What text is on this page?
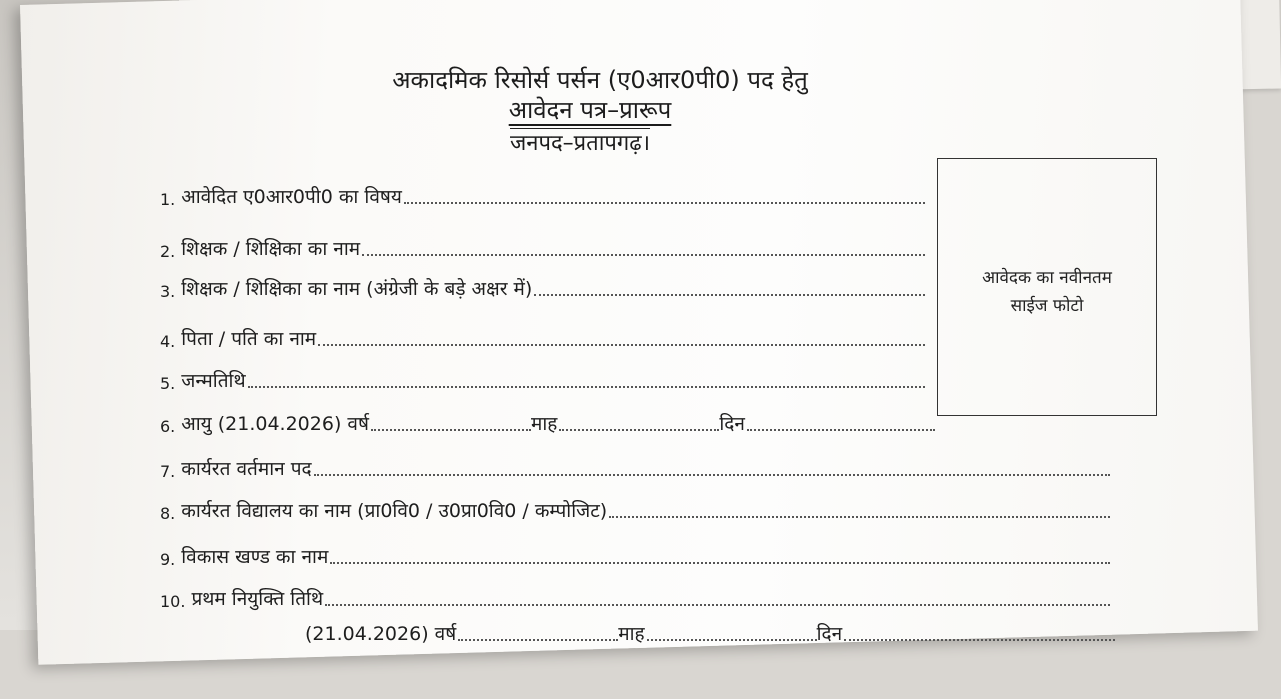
अकादमिक रिसोर्स पर्सन (ए0आर0पी0) पद हेतु
आवेदन पत्र–प्रारूप
जनपद–प्रतापगढ़।
आवेदक का नवीनतम
साईज फोटो
1. आवेदित ए0आर0पी0 का विषय
2. शिक्षक / शिक्षिका का नाम
3. शिक्षक / शिक्षिका का नाम (अंग्रेजी के बड़े अक्षर में)
4. पिता / पति का नाम
5. जन्मतिथि
6. आयु (21.04.2026) वर्ष	माह	दिन
7. कार्यरत वर्तमान पद
8. कार्यरत विद्यालय का नाम (प्रा0वि0 / उ0प्रा0वि0 / कम्पोजिट)
9. विकास खण्ड का नाम
10. प्रथम नियुक्ति तिथि
(21.04.2026) वर्ष	माह	दिन
